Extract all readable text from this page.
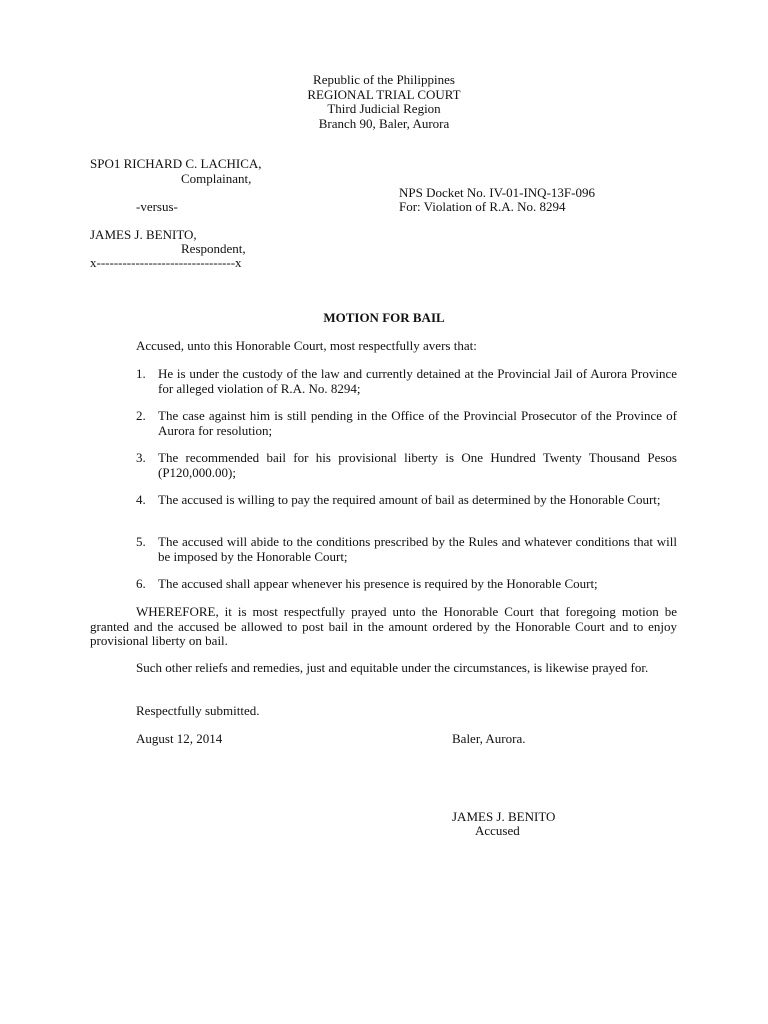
Republic of the Philippines
REGIONAL TRIAL COURT
Third Judicial Region
Branch 90, Baler, Aurora
SPO1 RICHARD C. LACHICA,
Complainant,
NPS Docket No. IV-01-INQ-13F-096
-versus-	For: Violation of R.A. No. 8294
JAMES J. BENITO,
Respondent,
x--------------------------------x
MOTION FOR BAIL
Accused, unto this Honorable Court, most respectfully avers that:
1. He is under the custody of the law and currently detained at the Provincial Jail of Aurora Province for alleged violation of R.A. No. 8294;
2. The case against him is still pending in the Office of the Provincial Prosecutor of the Province of Aurora for resolution;
3. The recommended bail for his provisional liberty is One Hundred Twenty Thousand Pesos (P120,000.00);
4. The accused is willing to pay the required amount of bail as determined by the Honorable Court;
5. The accused will abide to the conditions prescribed by the Rules and whatever conditions that will be imposed by the Honorable Court;
6. The accused shall appear whenever his presence is required by the Honorable Court;
WHEREFORE, it is most respectfully prayed unto the Honorable Court that foregoing motion be granted and the accused be allowed to post bail in the amount ordered by the Honorable Court and to enjoy provisional liberty on bail.
Such other reliefs and remedies, just and equitable under the circumstances, is likewise prayed for.
Respectfully submitted.
August 12, 2014	Baler, Aurora.
JAMES J. BENITO
Accused
